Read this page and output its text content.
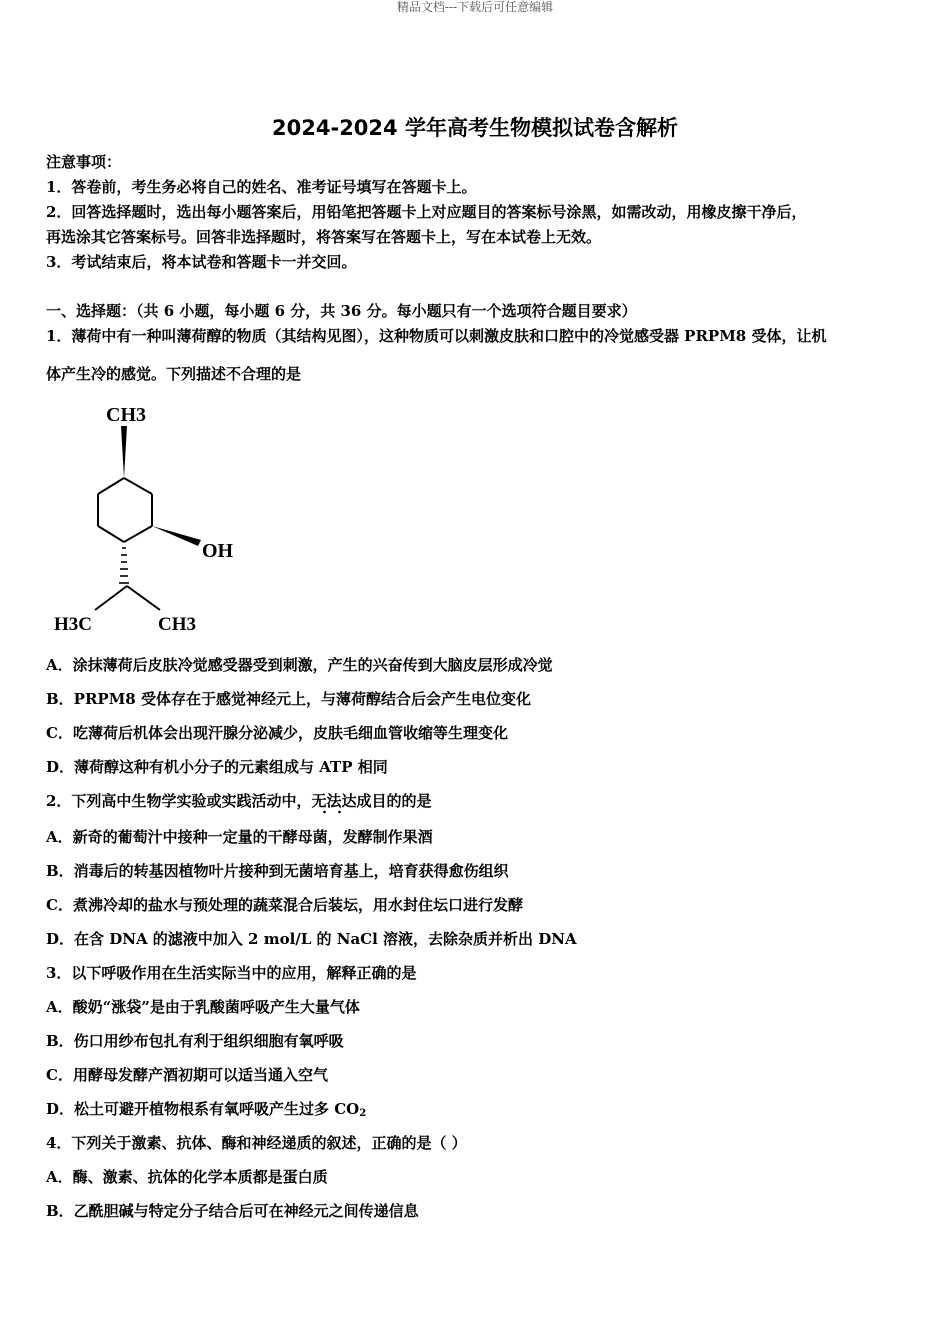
精品文档---下载后可任意编辑
2024-2024 学年高考生物模拟试卷含解析
注意事项：
1．答卷前，考生务必将自己的姓名、准考证号填写在答题卡上。
2．回答选择题时，选出每小题答案后，用铅笔把答题卡上对应题目的答案标号涂黑，如需改动，用橡皮擦干净后，
再选涂其它答案标号。回答非选择题时，将答案写在答题卡上，写在本试卷上无效。
3．考试结束后，将本试卷和答题卡一并交回。
一、选择题：（共 6 小题，每小题 6 分，共 36 分。每小题只有一个选项符合题目要求）
1．薄荷中有一种叫薄荷醇的物质（其结构见图），这种物质可以刺激皮肤和口腔中的冷觉感受器 PRPM8 受体，让机
体产生冷的感觉。下列描述不合理的是
CH3
OH
H3C	CH3
A．涂抹薄荷后皮肤冷觉感受器受到刺激，产生的兴奋传到大脑皮层形成冷觉
B．PRPM8 受体存在于感觉神经元上，与薄荷醇结合后会产生电位变化
C．吃薄荷后机体会出现汗腺分泌减少，皮肤毛细血管收缩等生理变化
D．薄荷醇这种有机小分子的元素组成与 ATP 相同
2．下列高中生物学实验或实践活动中，无法达成目的的是
A．新奇的葡萄汁中接种一定量的干酵母菌，发酵制作果酒
B．消毒后的转基因植物叶片接种到无菌培育基上，培育获得愈伤组织
C．煮沸冷却的盐水与预处理的蔬菜混合后装坛，用水封住坛口进行发酵
D．在含 DNA 的滤液中加入 2 mol/L 的 NaCl 溶液，去除杂质并析出 DNA
3．以下呼吸作用在生活实际当中的应用，解释正确的是
A．酸奶“涨袋”是由于乳酸菌呼吸产生大量气体
B．伤口用纱布包扎有利于组织细胞有氧呼吸
C．用酵母发酵产酒初期可以适当通入空气
D．松土可避开植物根系有氧呼吸产生过多 $CO_2$
4．下列关于激素、抗体、酶和神经递质的叙述，正确的是（ ）
A．酶、激素、抗体的化学本质都是蛋白质
B．乙酰胆碱与特定分子结合后可在神经元之间传递信息
